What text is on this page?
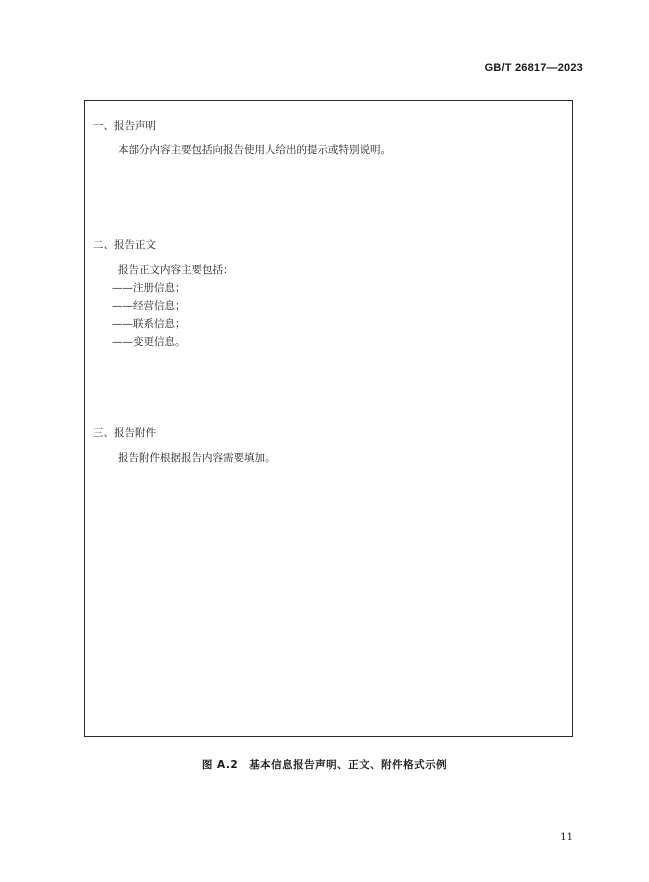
GB/T 26817—2023
一、报告声明
本部分内容主要包括向报告使用人给出的提示或特别说明。
二、报告正文
报告正文内容主要包括：
——注册信息；
——经营信息；
——联系信息；
——变更信息。
三、报告附件
报告附件根据报告内容需要填加。
图 A.2　基本信息报告声明、正文、附件格式示例
11
